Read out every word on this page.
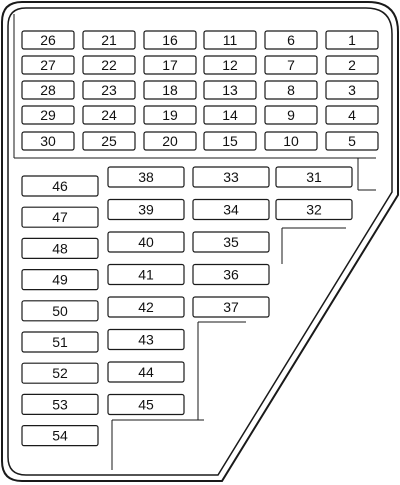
26	21	16	11	6	1
27	22	17	12	7	2
28	23	18	13	8	3
29	24	19	14	9	4
30	25	20	15	10	5
46
47
48
49
50
51
52
53
54
38
39
40
41
42
43
44
45
33
34
35
36
37
31
32
